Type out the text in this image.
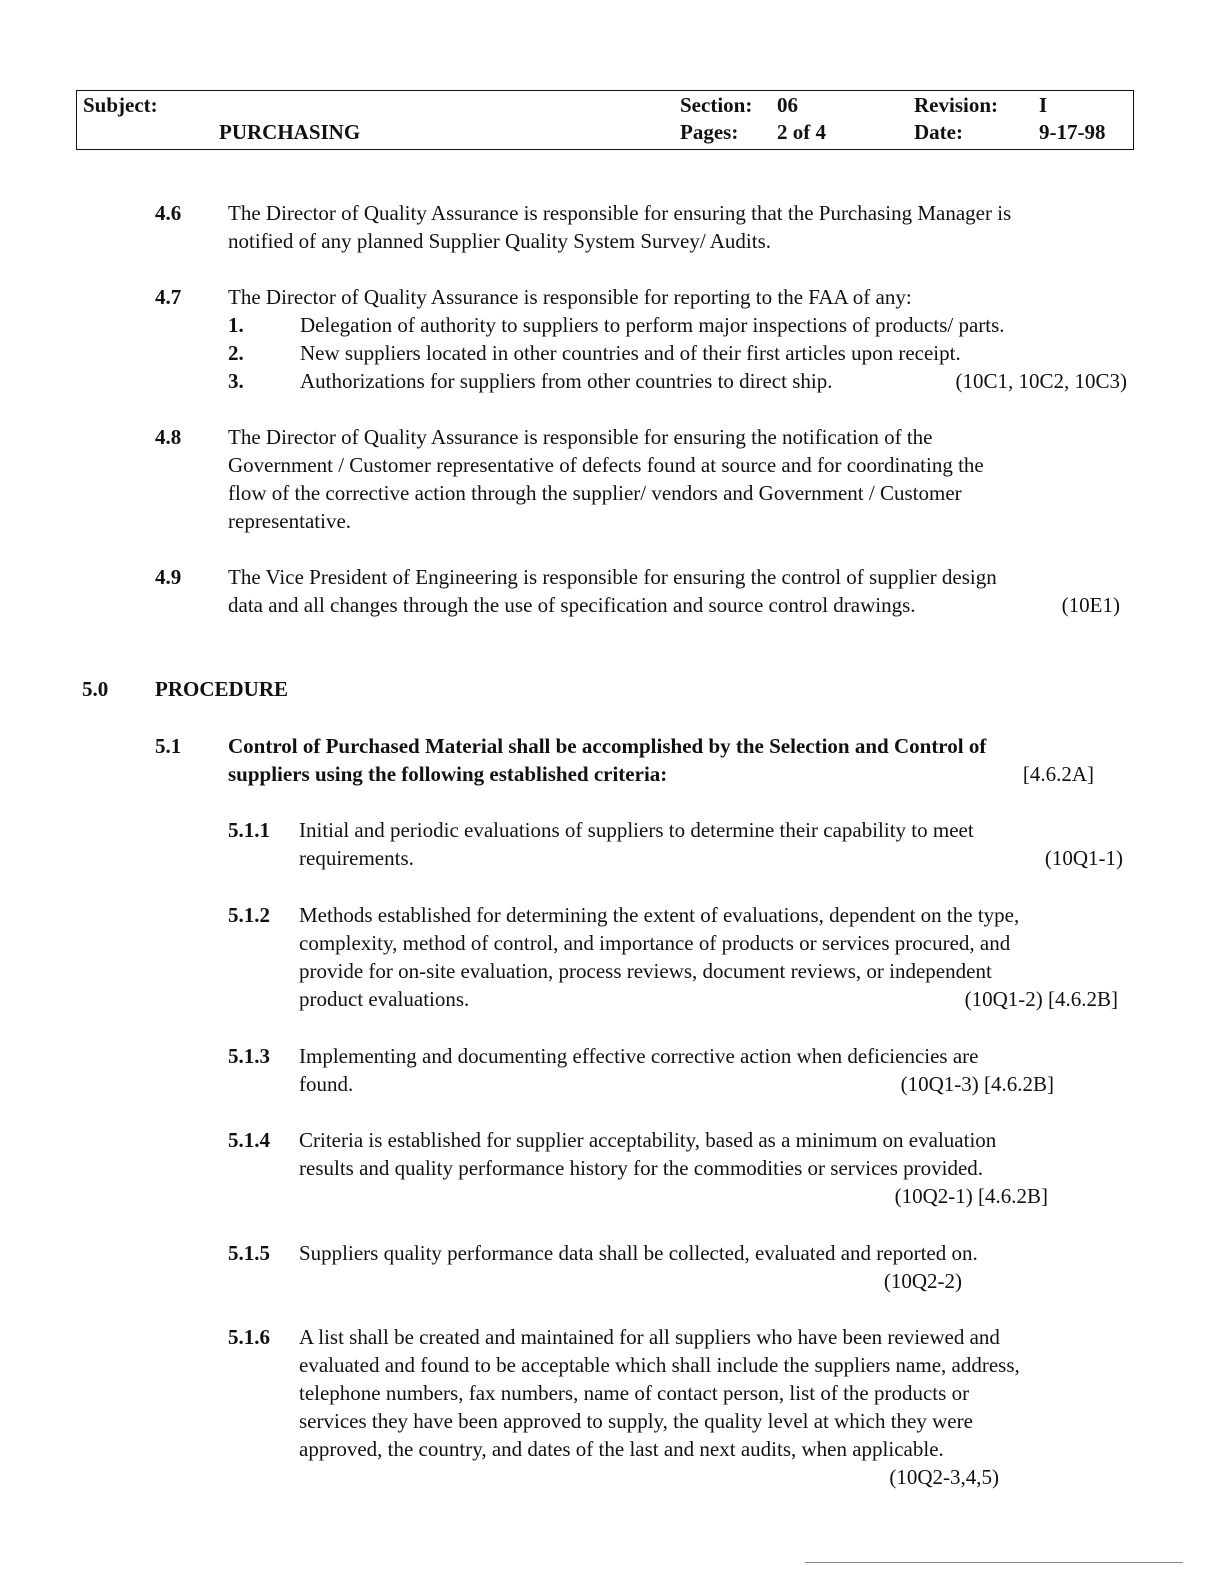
Subject:
PURCHASING
Section: 06
Pages: 2 of 4
Revision: I
Date:	9-17-98
4.6 The Director of Quality Assurance is responsible for ensuring that the Purchasing Manager is
notified of any planned Supplier Quality System Survey/ Audits.
4.7 The Director of Quality Assurance is responsible for reporting to the FAA of any:
1.	Delegation of authority to suppliers to perform major inspections of products/ parts.
2.	New suppliers located in other countries and of their first articles upon receipt.
3.	Authorizations for suppliers from other countries to direct ship.	(10C1, 10C2, 10C3)
4.8 The Director of Quality Assurance is responsible for ensuring the notification of the
Government / Customer representative of defects found at source and for coordinating the
flow of the corrective action through the supplier/ vendors and Government / Customer
representative.
4.9 The Vice President of Engineering is responsible for ensuring the control of supplier design
data and all changes through the use of specification and source control drawings.	(10E1)
5.0 PROCEDURE
5.1 Control of Purchased Material shall be accomplished by the Selection and Control of
suppliers using the following established criteria:	[4.6.2A]
5.1.1 Initial and periodic evaluations of suppliers to determine their capability to meet
requirements.	(10Q1-1)
5.1.2 Methods established for determining the extent of evaluations, dependent on the type,
complexity, method of control, and importance of products or services procured, and
provide for on-site evaluation, process reviews, document reviews, or independent
product evaluations.	(10Q1-2) [4.6.2B]
5.1.3 Implementing and documenting effective corrective action when deficiencies are
found.	(10Q1-3) [4.6.2B]
5.1.4 Criteria is established for supplier acceptability, based as a minimum on evaluation
results and quality performance history for the commodities or services provided.
(10Q2-1) [4.6.2B]
5.1.5 Suppliers quality performance data shall be collected, evaluated and reported on.
(10Q2-2)
5.1.6 A list shall be created and maintained for all suppliers who have been reviewed and
evaluated and found to be acceptable which shall include the suppliers name, address,
telephone numbers, fax numbers, name of contact person, list of the products or
services they have been approved to supply, the quality level at which they were
approved, the country, and dates of the last and next audits, when applicable.
(10Q2-3,4,5)
